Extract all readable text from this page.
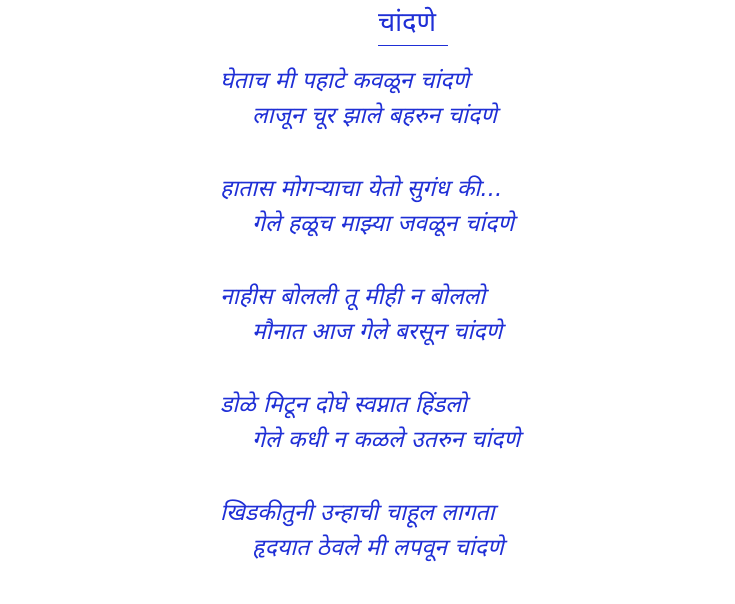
चांदणे
घेताच मी पहाटे कवळून चांदणे
लाजून चूर झाले बहरुन चांदणे
हातास मोगर्‍याचा येतो सुगंध की...
गेले हळूच माझ्या जवळून चांदणे
नाहीस बोलली तू मीही न बोललो
मौनात आज गेले बरसून चांदणे
डोळे मिटून दोघे स्वप्नात हिंडलो
गेले कधी न कळले उतरुन चांदणे
खिडकीतुनी उन्हाची चाहूल लागता
हृदयात ठेवले मी लपवून चांदणे
